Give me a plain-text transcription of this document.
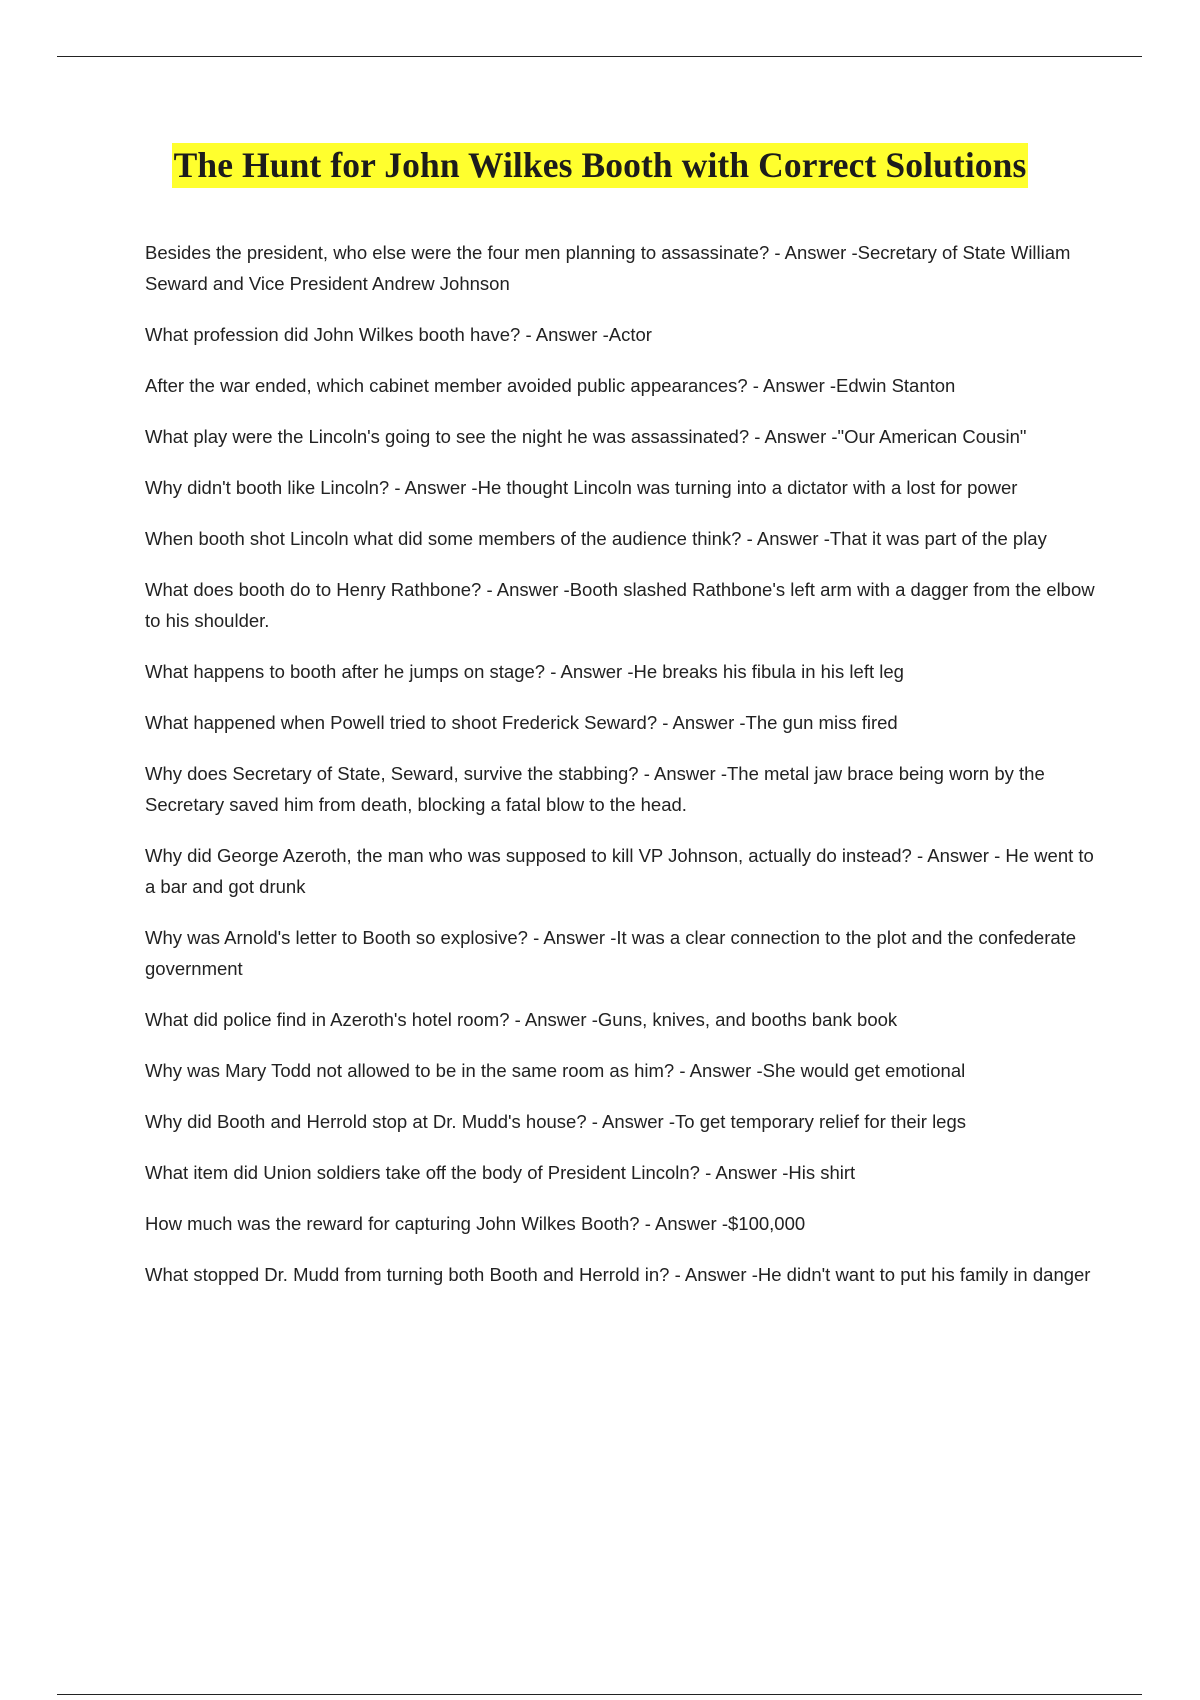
The Hunt for John Wilkes Booth with Correct Solutions
Besides the president, who else were the four men planning to assassinate? - Answer -Secretary of State William Seward and Vice President Andrew Johnson
What profession did John Wilkes booth have? - Answer -Actor
After the war ended, which cabinet member avoided public appearances? - Answer -Edwin Stanton
What play were the Lincoln's going to see the night he was assassinated? - Answer -"Our American Cousin"
Why didn't booth like Lincoln? - Answer -He thought Lincoln was turning into a dictator with a lost for power
When booth shot Lincoln what did some members of the audience think? - Answer -That it was part of the play
What does booth do to Henry Rathbone? - Answer -Booth slashed Rathbone's left arm with a dagger from the elbow to his shoulder.
What happens to booth after he jumps on stage? - Answer -He breaks his fibula in his left leg
What happened when Powell tried to shoot Frederick Seward? - Answer -The gun miss fired
Why does Secretary of State, Seward, survive the stabbing? - Answer -The metal jaw brace being worn by the Secretary saved him from death, blocking a fatal blow to the head.
Why did George Azeroth, the man who was supposed to kill VP Johnson, actually do instead? - Answer - He went to a bar and got drunk
Why was Arnold's letter to Booth so explosive? - Answer -It was a clear connection to the plot and the confederate government
What did police find in Azeroth's hotel room? - Answer -Guns, knives, and booths bank book
Why was Mary Todd not allowed to be in the same room as him? - Answer -She would get emotional
Why did Booth and Herrold stop at Dr. Mudd's house? - Answer -To get temporary relief for their legs
What item did Union soldiers take off the body of President Lincoln? - Answer -His shirt
How much was the reward for capturing John Wilkes Booth? - Answer -$100,000
What stopped Dr. Mudd from turning both Booth and Herrold in? - Answer -He didn't want to put his family in danger
